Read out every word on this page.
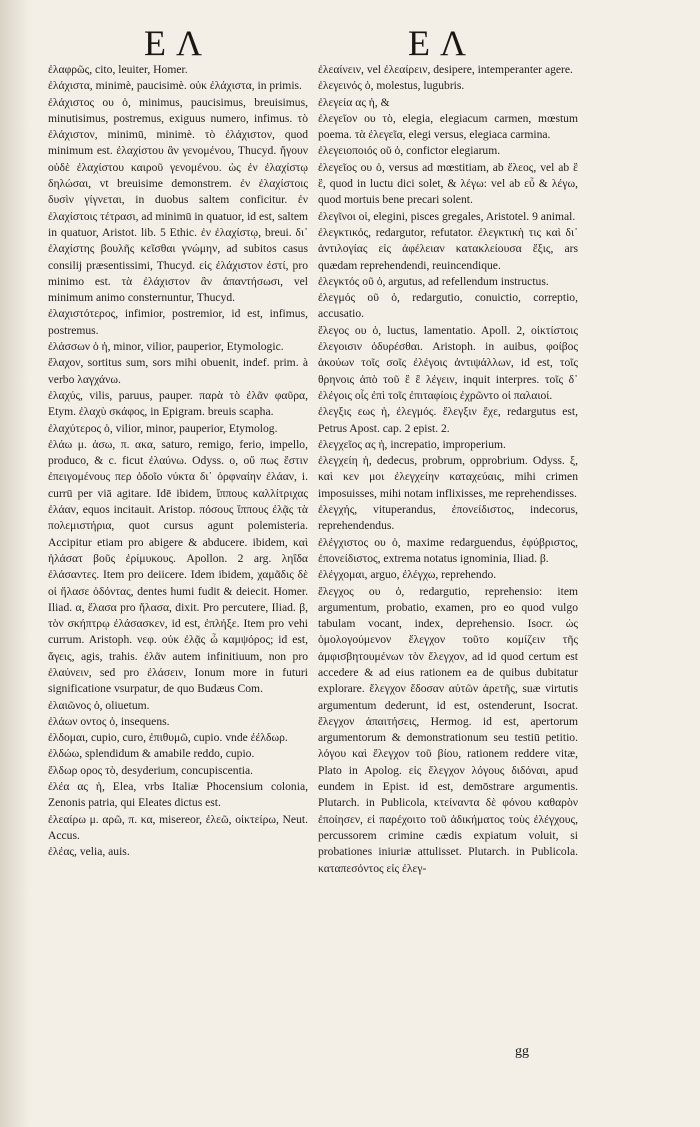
ΕΛ	ΕΛ

ἐλαφρῶς, cito, leuiter, Homer.

ἐλάχιστα, minimè, paucisimè. οὐκ ἐλάχιστα, in primis.

ἐλάχιστος ου ὁ, minimus, paucisimus, breuisimus, minutisimus, postremus, exiguus numero, infimus. τὸ ἐλάχιστον, minimū, minimè. τὸ ἐλάχιστον, quod minimum est. ἐλαχίστου ἂν γενομένου, Thucyd. ἥγουν οὐδὲ ἐλαχίστου καιροῦ γενομένου. ὡς ἐν ἐλαχίστῳ δηλώσαι, vt breuisime demonstrem. ἐν ἐλαχίστοις δυσὶν γίγνεται, in duobus saltem conficitur. ἐν ἐλαχίστοις τέτρασι, ad minimū in quatuor, id est, saltem in quatuor, Aristot. lib. 5 Ethic. ἐν ἐλαχίστῳ, breui. δι᾽ ἐλαχίστης βουλῆς κεῖσθαι γνώμην, ad subitos casus consilij præsentissimi, Thucyd. εἰς ἐλάχιστον ἐστί, pro minimo est. τὰ ἐλάχιστον ἂν ἀπαντήσωσι, vel minimum animo consternuntur, Thucyd.

ἐλαχιστότερος, infimior, postremior, id est, infimus, postremus.

ἐλάσσων ὁ ἡ, minor, vilior, pauperior, Etymologic.

ἔλαχον, sortitus sum, sors mihi obuenit, indef. prim. à verbo λαγχάνω.

ἐλαχύς, vilis, paruus, pauper. παρὰ τὸ ἐλᾶν φαῦρα, Etym. ἐλαχὺ σκάφος, in Epigram. breuis scapha.

ἐλαχύτερος ὁ, vilior, minor, pauperior, Etymolog.

ἐλάω μ. ἀσω, π. ακα, saturo, remigo, ferio, impello, produco, & c. ficut ἐλαύνω. Odyss. ο, οὔ πως ἔστιν ἐπειγομένους περ ὁδοῖο νύκτα δι᾽ ὀρφναίην ἐλάαν, i. currū per viā agitare. Idē ibidem, ἵππους καλλίτριχας ἐλάαν, equos incitauit. Aristop. πόσους ἵππους ἐλᾷς τὰ πολεμιστήρια, quot cursus agunt polemisteria. Accipitur etiam pro abigere & abducere. ibidem, καὶ ἠλάσατ βοῦς ἐρίμυκους. Apollon. 2 arg. ληΐδα ἐλάσαντες. Item pro deiicere. Idem ibidem, χαμᾶδις δὲ οἱ ἤλασε ὀδόντας, dentes humi fudit & deiecit. Homer. Iliad. α, ἔλασα pro ἤλασα, dixit. Pro percutere, Iliad. β, τὸν σκήπτρῳ ἐλάσασκεν, id est, ἐπλήξε. Item pro vehi currum. Aristoph. νεφ. οὐκ ἐλᾷς ὦ καμψόρος; id est, ἄγεις, agis, trahis. ἐλᾶν autem infinitiuum, non pro ἐλαύνειν, sed pro ἐλάσειν, Ionum more in futuri significatione vsurpatur, de quo Budæus Com.

ἐλαιῶνος ὁ, oliuetum.

ἐλάων οντος ὁ, insequens.

ἐλδομαι, cupio, curo, ἐπιθυμῶ, cupio. vnde ἐέλδωρ.

ἐλδώω, splendidum & amabile reddo, cupio.

ἔλδωρ ορος τὸ, desyderium, concupiscentia.

ἐλέα ας ἡ, Elea, vrbs Italiæ Phocensium colonia, Zenonis patria, qui Eleates dictus est.

ἐλεαίρω μ. αρῶ, π. κα, misereor, ἐλεῶ, οἰκτείρω, Neut. Accus.

ἐλέας, velia, auis.

ἐλεαίνειν, vel ἐλεαίρειν, desipere, intemperanter agere.

ἐλεγεινός ὁ, molestus, lugubris.

ἐλεγεία ας ἡ, &

ἐλεγεῖον ου τὸ, elegia, elegiacum carmen, mœstum poema. τὰ ἐλεγεῖα, elegi versus, elegiaca carmina.

ἐλεγειοποιός οῦ ὁ, confictor elegiarum.

ἐλεγεῖος ου ὁ, versus ad mœstitiam, ab ἔλεος, vel ab ἒ ἒ, quod in luctu dici solet, & λέγω: vel ab εὖ & λέγω, quod mortuis bene precari solent.

ἐλεγῖνοι οἱ, elegini, pisces gregales, Aristotel. 9 animal.

ἐλεγκτικός, redargutor, refutator. ἐλεγκτικὴ τις καὶ δι᾽ ἀντιλογίας εἰς ἀφέλειαν κατακλείουσα ἕξις, ars quædam reprehendendi, reuincendique.

ἐλεγκτός οῦ ὁ, argutus, ad refellendum instructus.

ἐλεγμός οῦ ὁ, redargutio, conuictio, correptio, accusatio.

ἔλεγος ου ὁ, luctus, lamentatio. Apoll. 2, οἰκτίστοις ἐλεγοισιν ὀδυρέσθαι. Aristoph. in auibus, φοίβος ἀκούων τοῖς σοῖς ἐλέγοις ἀντιψάλλων, id est, τοῖς θρηνοις ἀπὸ τοῦ ἒ ἒ λέγειν, inquit interpres. τοῖς δ᾽ ἐλέγοις οἷς ἐπὶ τοῖς ἐπιταφίοις ἐχρῶντο οἱ παλαιοί.

ἐλεγξις εως ἡ, ἐλεγμός. ἔλεγξιν ἔχε, redargutus est, Petrus Apost. cap. 2 epist. 2.

ἐλεγχεῖος ας ἡ, increpatio, improperium.

ἐλεγχείη ἡ, dedecus, probrum, opprobrium. Odyss. ξ, καὶ κεν μοι ἐλεγχείην καταχεύαις, mihi crimen imposuisses, mihi notam inflixisses, me reprehendisses.

ἐλεγχής, vituperandus, ἐπονείδιστος, indecorus, reprehendendus.

ἐλέγχιστος ου ὁ, maxime redarguendus, ἐφύβριστος, ἐπονείδιστος, extrema notatus ignominia, Iliad. β.

ἐλέγχομαι, arguo, ἐλέγχω, reprehendo.

ἔλεγχος ου ὁ, redargutio, reprehensio: item argumentum, probatio, examen, pro eo quod vulgo tabulam vocant, index, deprehensio. Isocr. ὡς ὁμολογούμενον ἔλεγχον τοῦτο κομίζειν τῆς ἀμφισβητουμένων τὸν ἔλεγχον, ad id quod certum est accedere & ad eius rationem ea de quibus dubitatur explorare. ἔλεγχον ἔδοσαν αὐτῶν ἀρετῆς, suæ virtutis argumentum dederunt, id est, ostenderunt, Isocrat. ἔλεγχον ἀπαιτήσεις, Hermog. id est, apertorum argumentorum & demonstrationum seu testiū petitio. λόγου καὶ ἔλεγχον τοῦ βίου, rationem reddere vitæ, Plato in Apolog. εἰς ἔλεγχον λόγους διδόναι, apud eundem in Epist. id est, demōstrare argumentis. Plutarch. in Publicola, κτείναντα δὲ φόνου καθαρὸν ἐποίησεν, εἰ παρέχοιτο τοῦ ἀδικήματος τοὺς ἐλέγχους, percussorem crimine cædis expiatum voluit, si probationes iniuriæ attulisset. Plutarch. in Publicola. καταπεσόντος εἰς ἐλεγ-

gg
